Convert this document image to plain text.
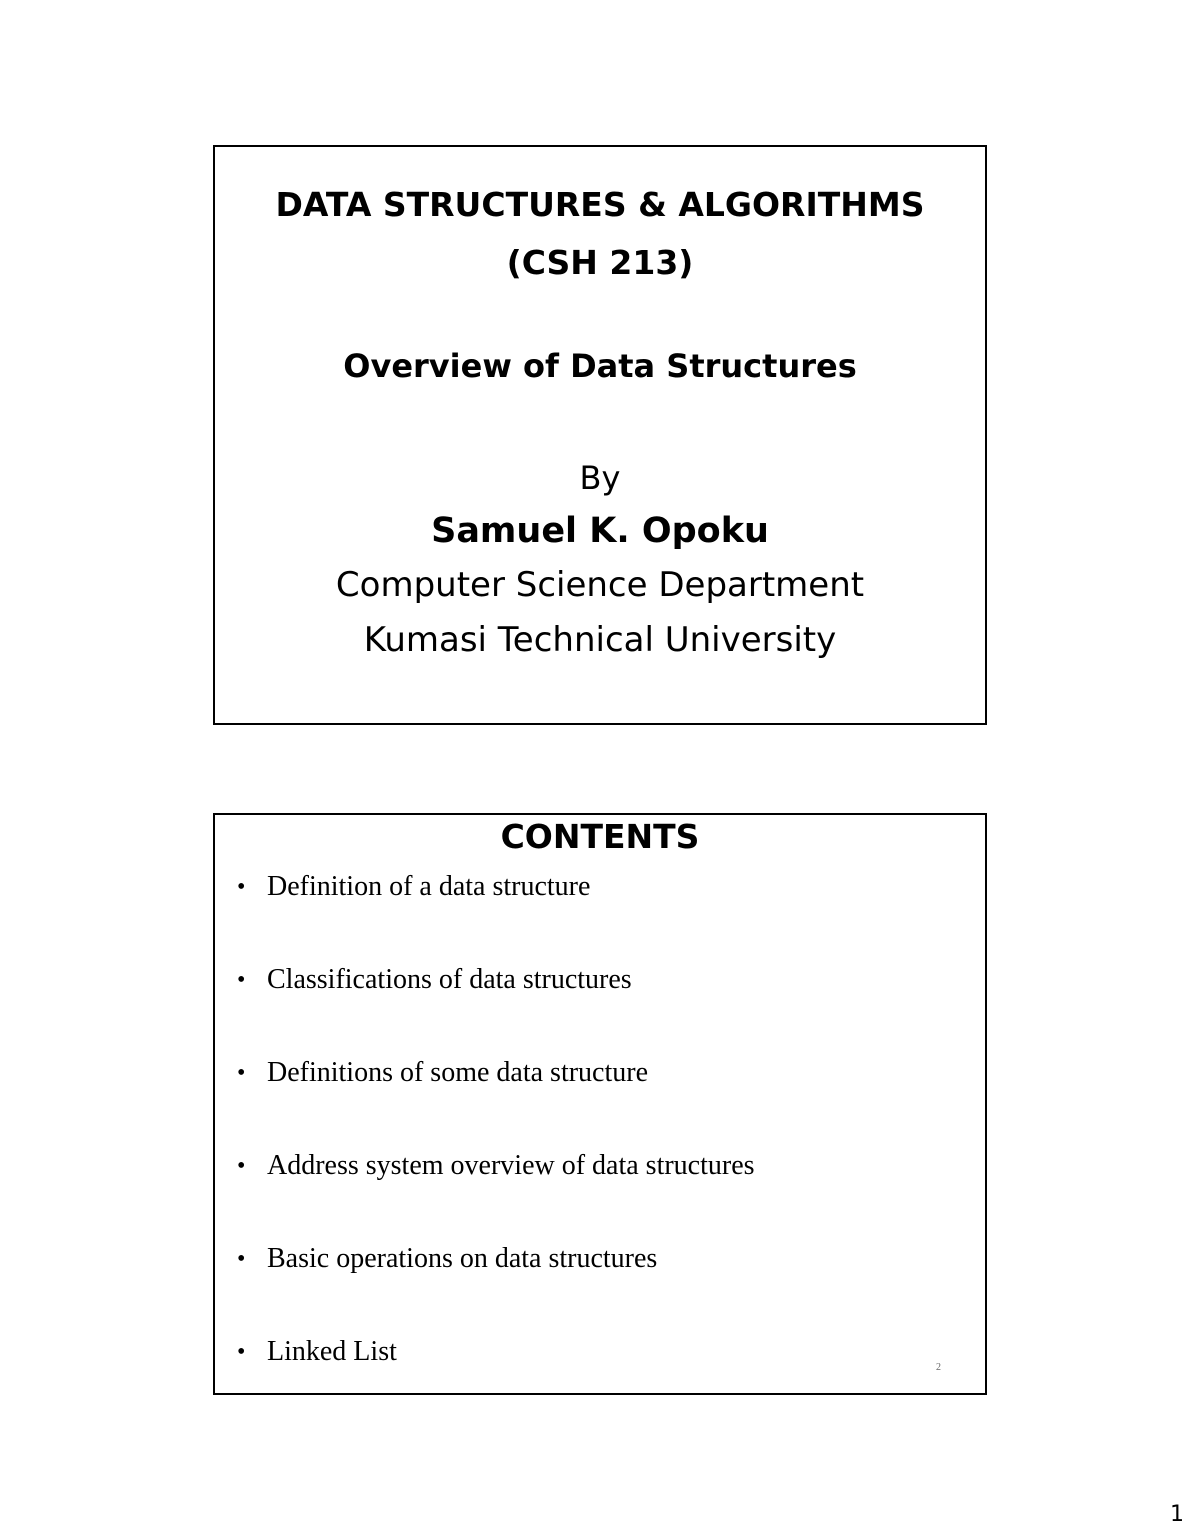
DATA STRUCTURES & ALGORITHMS
(CSH 213)
Overview of Data Structures
By
Samuel K. Opoku
Computer Science Department
Kumasi Technical University
CONTENTS
• Definition of a data structure
• Classifications of data structures
• Definitions of some data structure
• Address system overview of data structures
• Basic operations on data structures
• Linked List
2
1
